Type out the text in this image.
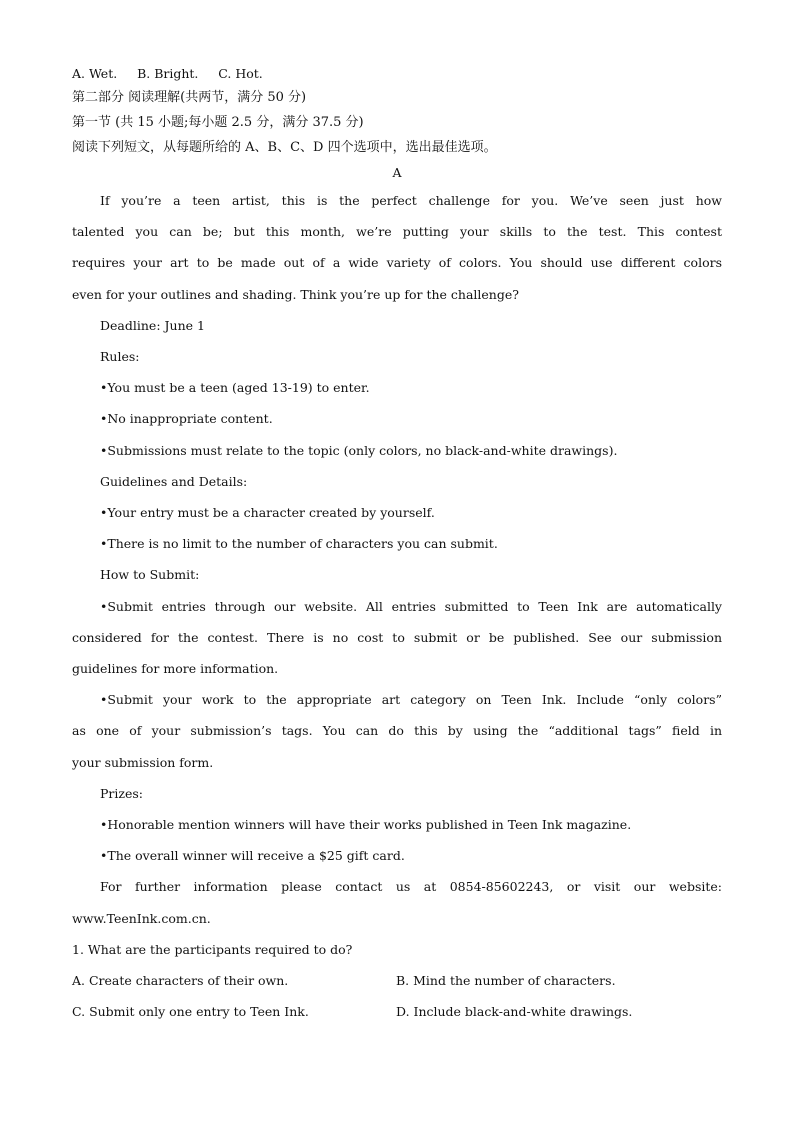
A. Wet.     B. Bright.     C. Hot.
第二部分 阅读理解(共两节，满分 50 分)
第一节 (共 15 小题;每小题 2.5 分，满分 37.5 分)
阅读下列短文，从每题所给的 A、B、C、D 四个选项中，选出最佳选项。
A
If you’re a teen artist, this is the perfect challenge for you. We’ve seen just how
talented you can be; but this month, we’re putting your skills to the test. This contest
requires your art to be made out of a wide variety of colors. You should use different colors
even for your outlines and shading. Think you’re up for the challenge?
Deadline: June 1
Rules:
•You must be a teen (aged 13-19) to enter.
•No inappropriate content.
•Submissions must relate to the topic (only colors, no black-and-white drawings).
Guidelines and Details:
•Your entry must be a character created by yourself.
•There is no limit to the number of characters you can submit.
How to Submit:
•Submit entries through our website. All entries submitted to Teen Ink are automatically
considered for the contest. There is no cost to submit or be published. See our submission
guidelines for more information.
•Submit your work to the appropriate art category on Teen Ink. Include “only colors”
as one of your submission’s tags. You can do this by using the “additional tags” field in
your submission form.
Prizes:
•Honorable mention winners will have their works published in Teen Ink magazine.
•The overall winner will receive a $25 gift card.
For further information please contact us at 0854-85602243, or visit our website:
www.TeenInk.com.cn.
1. What are the participants required to do?
A. Create characters of their own.	B. Mind the number of characters.
C. Submit only one entry to Teen Ink.	D. Include black-and-white drawings.
